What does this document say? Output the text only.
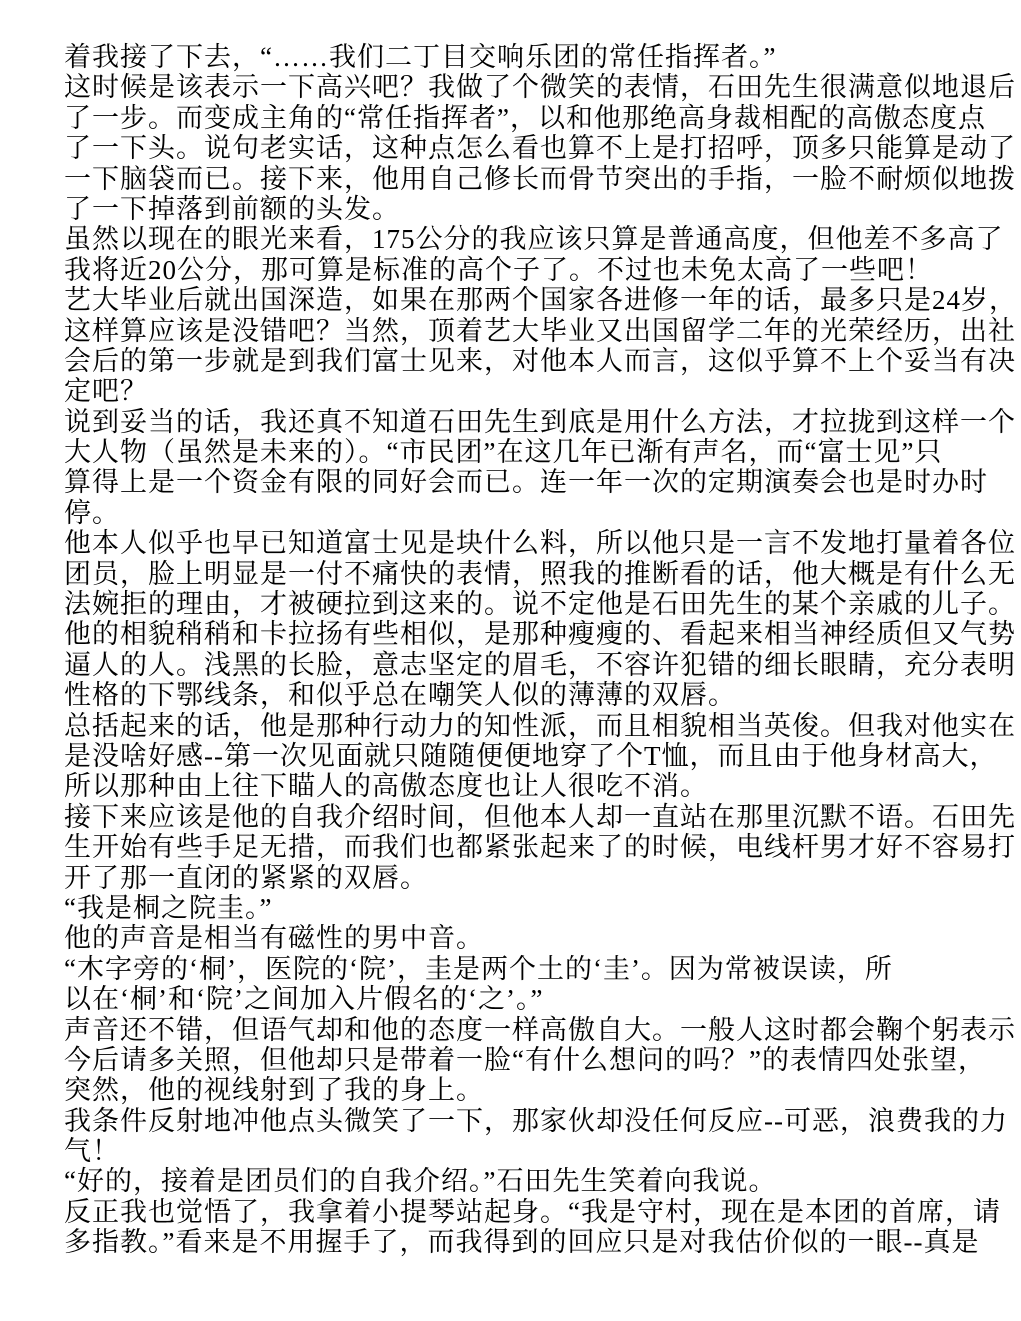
着我接了下去，“……我们二丁目交响乐团的常任指挥者。”
这时候是该表示一下高兴吧？我做了个微笑的表情，石田先生很满意似地退后
了一步。而变成主角的“常任指挥者”，以和他那绝高身裁相配的高傲态度点
了一下头。说句老实话，这种点怎么看也算不上是打招呼，顶多只能算是动了
一下脑袋而已。接下来，他用自己修长而骨节突出的手指，一脸不耐烦似地拨
了一下掉落到前额的头发。
虽然以现在的眼光来看，175公分的我应该只算是普通高度，但他差不多高了
我将近20公分，那可算是标准的高个子了。不过也未免太高了一些吧！
艺大毕业后就出国深造，如果在那两个国家各进修一年的话，最多只是24岁，
这样算应该是没错吧？当然，顶着艺大毕业又出国留学二年的光荣经历，出社
会后的第一步就是到我们富士见来，对他本人而言，这似乎算不上个妥当有决
定吧？
说到妥当的话，我还真不知道石田先生到底是用什么方法，才拉拢到这样一个
大人物（虽然是未来的）。“市民团”在这几年已渐有声名，而“富士见”只
算得上是一个资金有限的同好会而已。连一年一次的定期演奏会也是时办时
停。
他本人似乎也早已知道富士见是块什么料，所以他只是一言不发地打量着各位
团员，脸上明显是一付不痛快的表情，照我的推断看的话，他大概是有什么无
法婉拒的理由，才被硬拉到这来的。说不定他是石田先生的某个亲戚的儿子。
他的相貌稍稍和卡拉扬有些相似，是那种瘦瘦的、看起来相当神经质但又气势
逼人的人。浅黑的长脸，意志坚定的眉毛，不容许犯错的细长眼睛，充分表明
性格的下鄂线条，和似乎总在嘲笑人似的薄薄的双唇。
总括起来的话，他是那种行动力的知性派，而且相貌相当英俊。但我对他实在
是没啥好感--第一次见面就只随随便便地穿了个T恤，而且由于他身材高大，
所以那种由上往下瞄人的高傲态度也让人很吃不消。
接下来应该是他的自我介绍时间，但他本人却一直站在那里沉默不语。石田先
生开始有些手足无措，而我们也都紧张起来了的时候，电线杆男才好不容易打
开了那一直闭的紧紧的双唇。
“我是桐之院圭。”
他的声音是相当有磁性的男中音。
“木字旁的‘桐’，医院的‘院’，圭是两个土的‘圭’。因为常被误读，所
以在‘桐’和‘院’之间加入片假名的‘之’。”
声音还不错，但语气却和他的态度一样高傲自大。一般人这时都会鞠个躬表示
今后请多关照，但他却只是带着一脸“有什么想问的吗？”的表情四处张望，
突然，他的视线射到了我的身上。
我条件反射地冲他点头微笑了一下，那家伙却没任何反应--可恶，浪费我的力
气！
“好的，接着是团员们的自我介绍。”石田先生笑着向我说。
反正我也觉悟了，我拿着小提琴站起身。“我是守村，现在是本团的首席，请
多指教。”看来是不用握手了，而我得到的回应只是对我估价似的一眼--真是
